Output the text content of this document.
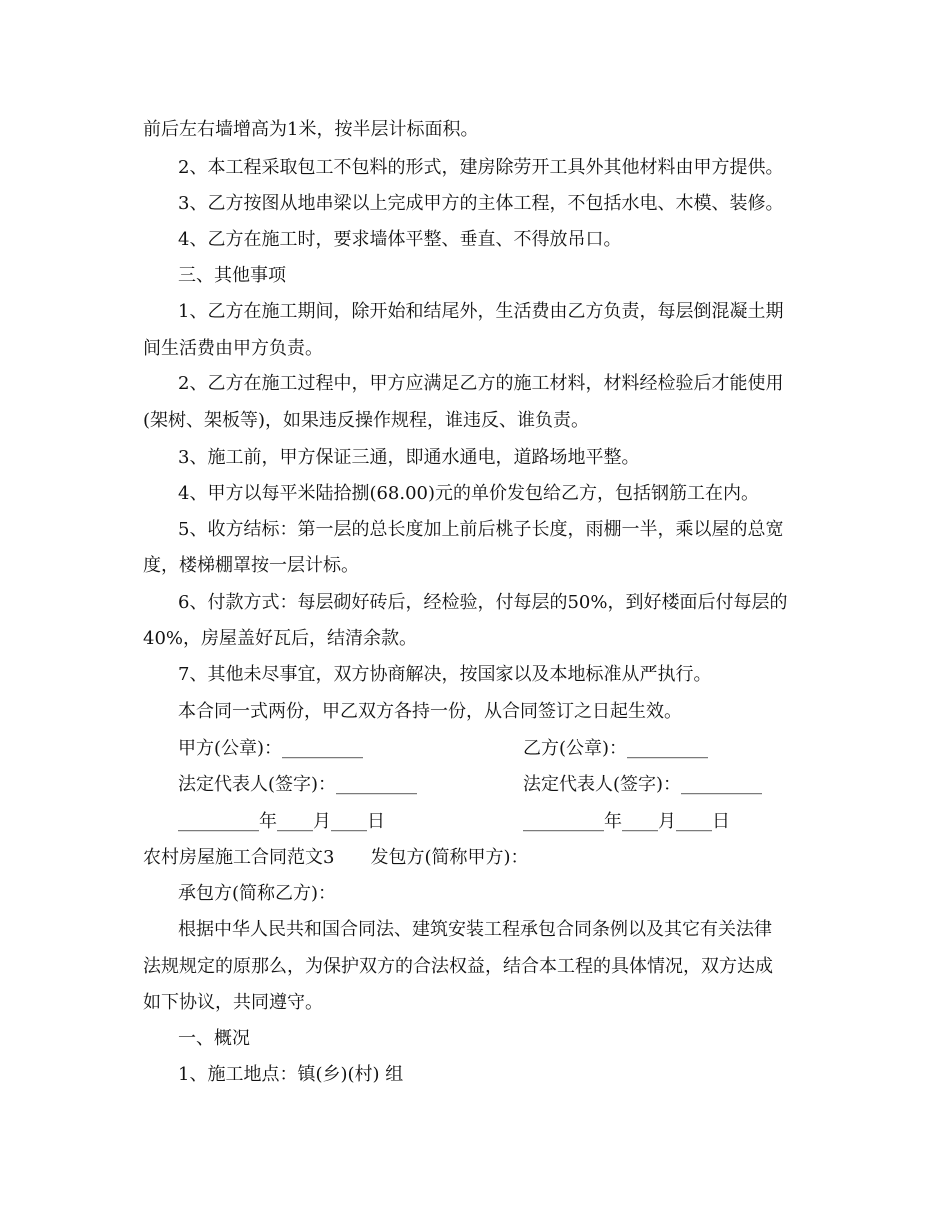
前后左右墙增高为1米，按半层计标面积。
2、本工程采取包工不包料的形式，建房除劳开工具外其他材料由甲方提供。
3、乙方按图从地串梁以上完成甲方的主体工程，不包括水电、木模、装修。
4、乙方在施工时，要求墙体平整、垂直、不得放吊口。
三、其他事项
1、乙方在施工期间，除开始和结尾外，生活费由乙方负责，每层倒混凝土期
间生活费由甲方负责。
2、乙方在施工过程中，甲方应满足乙方的施工材料，材料经检验后才能使用
(架树、架板等)，如果违反操作规程，谁违反、谁负责。
3、施工前，甲方保证三通，即通水通电，道路场地平整。
4、甲方以每平米陆拾捌(68.00)元的单价发包给乙方，包括钢筋工在内。
5、收方结标：第一层的总长度加上前后桃子长度，雨棚一半，乘以屋的总宽
度，楼梯棚罩按一层计标。
6、付款方式：每层砌好砖后，经检验，付每层的50%，到好楼面后付每层的
40%，房屋盖好瓦后，结清余款。
7、其他未尽事宜，双方协商解决，按国家以及本地标准从严执行。
本合同一式两份，甲乙双方各持一份，从合同签订之日起生效。
甲方(公章)：_________	乙方(公章)：_________
法定代表人(签字)：_________	法定代表人(签字)：_________
_________年____月____日	_________年____月____日
农村房屋施工合同范文3　　发包方(简称甲方)：
承包方(简称乙方)：
根据中华人民共和国合同法、建筑安装工程承包合同条例以及其它有关法律
法规规定的原那么，为保护双方的合法权益，结合本工程的具体情况，双方达成
如下协议，共同遵守。
一、概况
1、施工地点：镇(乡)(村) 组
